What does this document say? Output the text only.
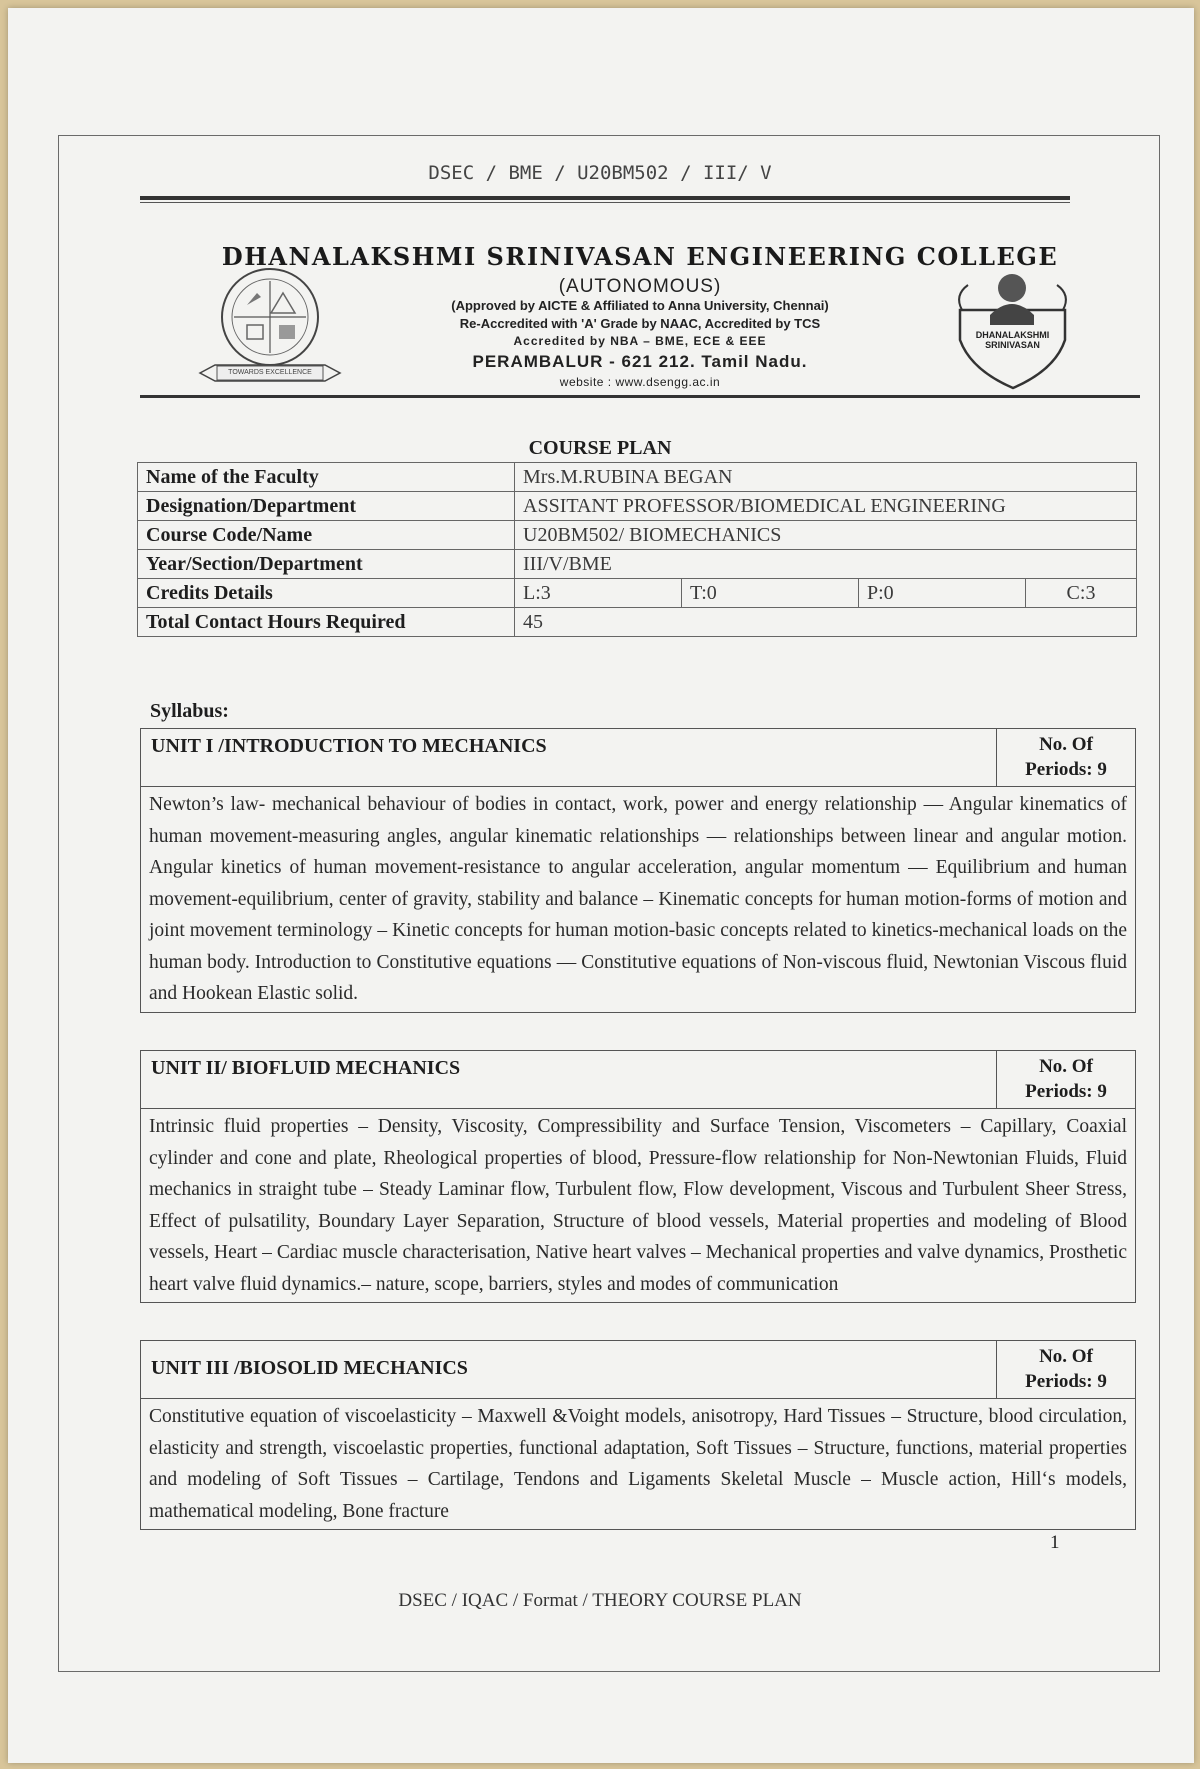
DSEC / BME / U20BM502 / III/ V
TOWARDS EXCELLENCE
DHANALAKSHMI SRINIVASAN ENGINEERING COLLEGE
(AUTONOMOUS)
(Approved by AICTE & Affiliated to Anna University, Chennai)
Re-Accredited with 'A' Grade by NAAC, Accredited by TCS
Accredited by NBA – BME, ECE & EEE
PERAMBALUR - 621 212. Tamil Nadu.
website : www.dsengg.ac.in
DHANALAKSHMI SRINIVASAN
COURSE PLAN
Name of the Faculty	Mrs.M.RUBINA BEGAN			
Designation/Department	ASSITANT PROFESSOR/BIOMEDICAL ENGINEERING			
Course Code/Name	U20BM502/ BIOMECHANICS			
Year/Section/Department	III/V/BME			
Credits Details	L:3	T:0	P:0	C:3
Total Contact Hours Required	45			
Syllabus:
UNIT I /INTRODUCTION TO MECHANICS	No. Of
Periods: 9
Newton’s law- mechanical behaviour of bodies in contact, work, power and energy relationship — Angular kinematics of human movement-measuring angles, angular kinematic relationships — relationships between linear and angular motion. Angular kinetics of human movement-resistance to angular acceleration, angular momentum — Equilibrium and human movement-equilibrium, center of gravity, stability and balance – Kinematic concepts for human motion-forms of motion and joint movement terminology – Kinetic concepts for human motion-basic concepts related to kinetics-mechanical loads on the human body. Introduction to Constitutive equations — Constitutive equations of Non-viscous fluid, Newtonian Viscous fluid and Hookean Elastic solid.
UNIT II/ BIOFLUID MECHANICS	No. Of
Periods: 9
Intrinsic fluid properties – Density, Viscosity, Compressibility and Surface Tension, Viscometers – Capillary, Coaxial cylinder and cone and plate, Rheological properties of blood, Pressure-flow relationship for Non-Newtonian Fluids, Fluid mechanics in straight tube – Steady Laminar flow, Turbulent flow, Flow development, Viscous and Turbulent Sheer Stress, Effect of pulsatility, Boundary Layer Separation, Structure of blood vessels, Material properties and modeling of Blood vessels, Heart – Cardiac muscle characterisation, Native heart valves – Mechanical properties and valve dynamics, Prosthetic heart valve fluid dynamics.– nature, scope, barriers, styles and modes of communication
UNIT III /BIOSOLID MECHANICS
No. Of
Periods: 9
Constitutive equation of viscoelasticity – Maxwell &Voight models, anisotropy, Hard Tissues – Structure, blood circulation, elasticity and strength, viscoelastic properties, functional adaptation, Soft Tissues – Structure, functions, material properties and modeling of Soft Tissues – Cartilage, Tendons and Ligaments Skeletal Muscle – Muscle action, Hill‘s models, mathematical modeling, Bone fracture
1
DSEC / IQAC / Format / THEORY COURSE PLAN
